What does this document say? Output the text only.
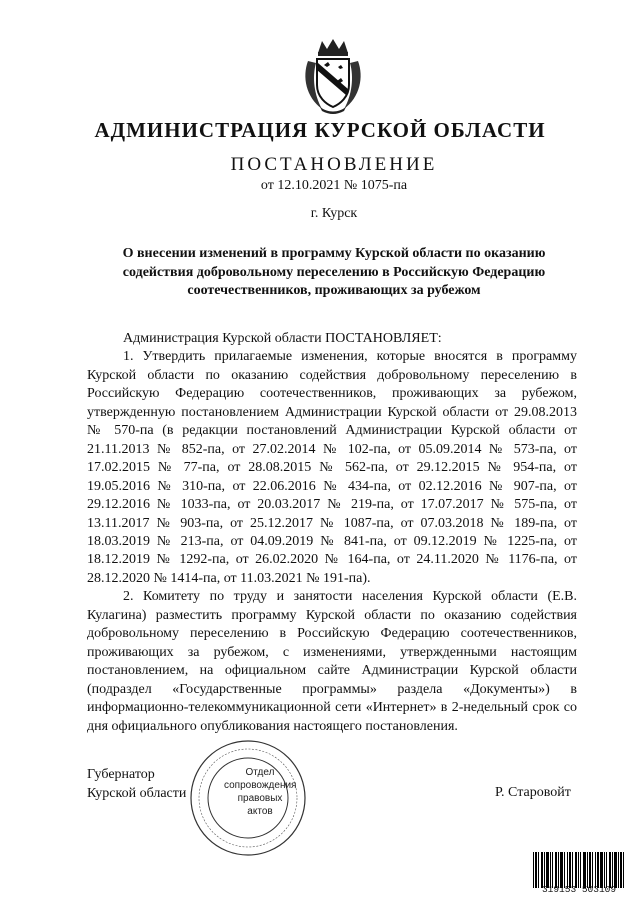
АДМИНИСТРАЦИЯ КУРСКОЙ ОБЛАСТИ
ПОСТАНОВЛЕНИЕ
от 12.10.2021 № 1075-па
г. Курск
О внесении изменений в программу Курской области по оказанию содействия добровольному переселению в Российскую Федерацию соотечественников, проживающих за рубежом

Администрация Курской области ПОСТАНОВЛЯЕТ:

1. Утвердить прилагаемые изменения, которые вносятся в программу Курской области по оказанию содействия добровольному переселению в Российскую Федерацию соотечественников, проживающих за рубежом, утвержденную постановлением Администрации Курской области от 29.08.2013 № 570-па (в редакции постановлений Администрации Курской области от 21.11.2013 № 852-па, от 27.02.2014 № 102-па, от 05.09.2014 № 573-па, от 17.02.2015 № 77-па, от 28.08.2015 № 562-па, от 29.12.2015 № 954-па, от 19.05.2016 № 310-па, от 22.06.2016 № 434-па, от 02.12.2016 № 907-па, от 29.12.2016 № 1033-па, от 20.03.2017 № 219-па, от 17.07.2017 № 575-па, от 13.11.2017 № 903-па, от 25.12.2017 № 1087-па, от 07.03.2018 № 189-па, от 18.03.2019 № 213-па, от 04.09.2019 № 841-па, от 09.12.2019 № 1225-па, от 18.12.2019 № 1292-па, от 26.02.2020 № 164-па, от 24.11.2020 № 1176-па, от 28.12.2020 № 1414-па, от 11.03.2021 № 191-па).

2. Комитету по труду и занятости населения Курской области (Е.В. Кулагина) разместить программу Курской области по оказанию содействия добровольному переселению в Российскую Федерацию соотечественников, проживающих за рубежом, с изменениями, утвержденными настоящим постановлением, на официальном сайте Администрации Курской области (подраздел «Государственные программы» раздела «Документы») в информационно-телекоммуникационной сети «Интернет» в 2-недельный срок со дня официального опубликования настоящего постановления.

Отдел
сопровождения
правовых
актов
Губернатор
Курской области	Р. Старовойт
319153 503109
